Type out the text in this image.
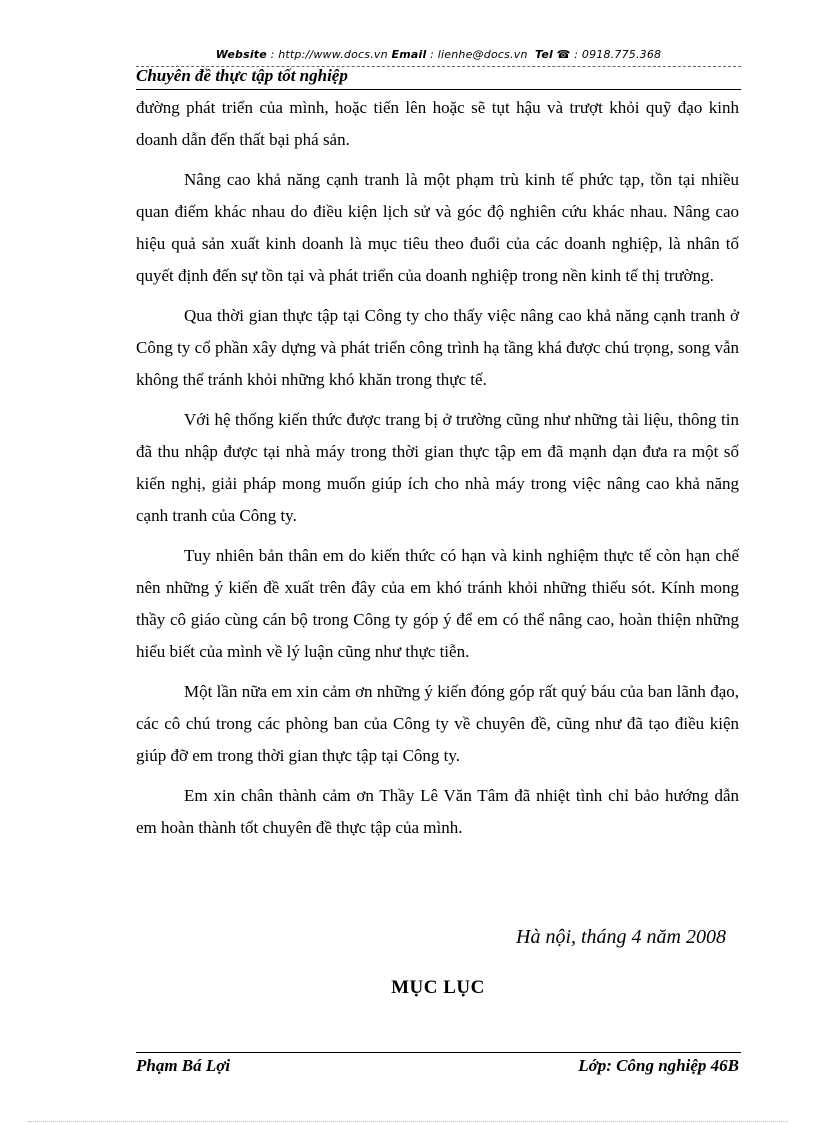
Website : http://www.docs.vn Email : lienhe@docs.vn Tel ☎ : 0918.775.368
Chuyên đề thực tập tốt nghiệp

đường phát triển của mình, hoặc tiến lên hoặc sẽ tụt hậu và trượt khỏi quỹ đạo kinh doanh dẫn đến thất bại phá sản.

Nâng cao khả năng cạnh tranh là một phạm trù kinh tế phức tạp, tồn tại nhiều quan điểm khác nhau do điều kiện lịch sử và góc độ nghiên cứu khác nhau. Nâng cao hiệu quả sản xuất kinh doanh là mục tiêu theo đuổi của các doanh nghiệp, là nhân tố quyết định đến sự tồn tại và phát triển của doanh nghiệp trong nền kinh tế thị trường.

Qua thời gian thực tập tại Công ty cho thấy việc nâng cao khả năng cạnh tranh ở Công ty cổ phần xây dựng và phát triển công trình hạ tầng khá được chú trọng, song vẫn không thể tránh khỏi những khó khăn trong thực tế.

Với hệ thống kiến thức được trang bị ở trường cũng như những tài liệu, thông tin đã thu nhập được tại nhà máy trong thời gian thực tập em đã mạnh dạn đưa ra một số kiến nghị, giải pháp mong muốn giúp ích cho nhà máy trong việc nâng cao khả năng cạnh tranh của Công ty.

Tuy nhiên bản thân em do kiến thức có hạn và kinh nghiệm thực tế còn hạn chế nên những ý kiến đề xuất trên đây của em khó tránh khỏi những thiếu sót. Kính mong thầy cô giáo cùng cán bộ trong Công ty góp ý để em có thể nâng cao, hoàn thiện những hiểu biết của mình về lý luận cũng như thực tiễn.

Một lần nữa em xin cảm ơn những ý kiến đóng góp rất quý báu của ban lãnh đạo, các cô chú trong các phòng ban của Công ty về chuyên đề, cũng như đã tạo điều kiện giúp đỡ em trong thời gian thực tập tại Công ty.

Em xin chân thành cảm ơn Thầy Lê Văn Tâm đã nhiệt tình chỉ bảo hướng dẫn em hoàn thành tốt chuyên đề thực tập của mình.

Hà nội, tháng 4 năm 2008
MỤC LỤC
Phạm Bá Lợi	Lớp: Công nghiệp 46B
